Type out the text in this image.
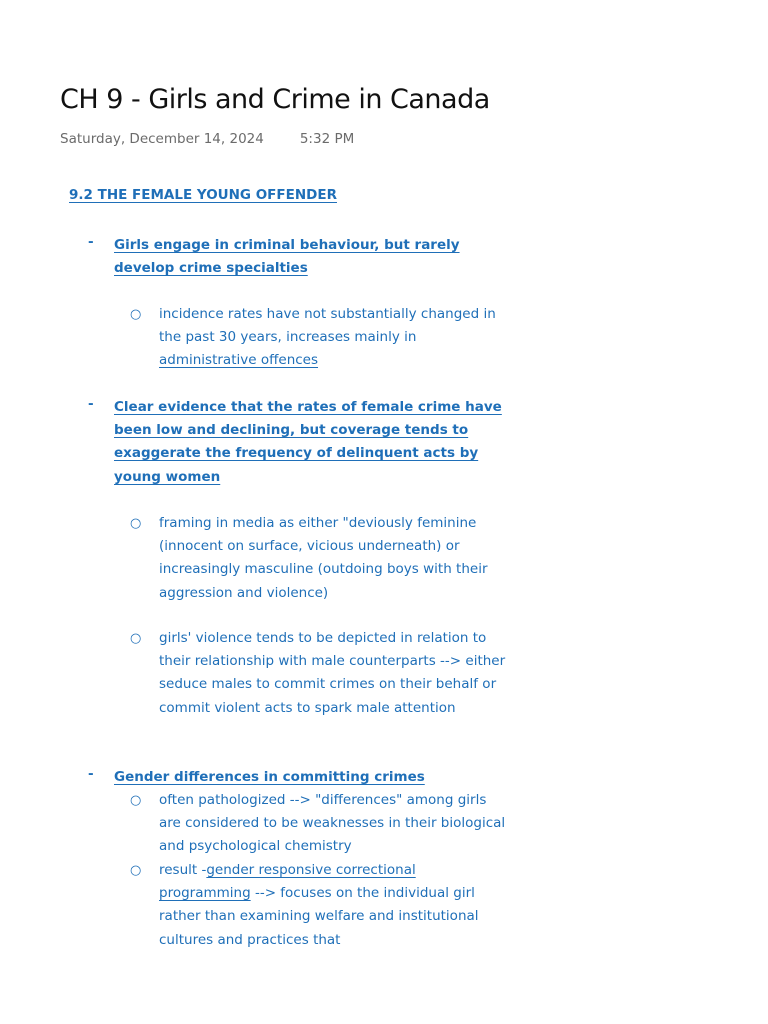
CH 9 - Girls and Crime in Canada
Saturday, December 14, 2024	5:32 PM
9.2 THE FEMALE YOUNG OFFENDER
- Girls engage in criminal behaviour, but rarely develop crime specialties
○ incidence rates have not substantially changed in the past 30 years, increases mainly in administrative offences
- Clear evidence that the rates of female crime have been low and declining, but coverage tends to exaggerate the frequency of delinquent acts by young women
○ framing in media as either "deviously feminine (innocent on surface, vicious underneath) or increasingly masculine (outdoing boys with their aggression and violence)
○ girls' violence tends to be depicted in relation to their relationship with male counterparts --> either seduce males to commit crimes on their behalf or commit violent acts to spark male attention
- Gender differences in committing crimes
○ often pathologized --> "differences" among girls are considered to be weaknesses in their biological and psychological chemistry
○ result -gender responsive correctional programming --> focuses on the individual girl rather than examining welfare and institutional cultures and practices that
